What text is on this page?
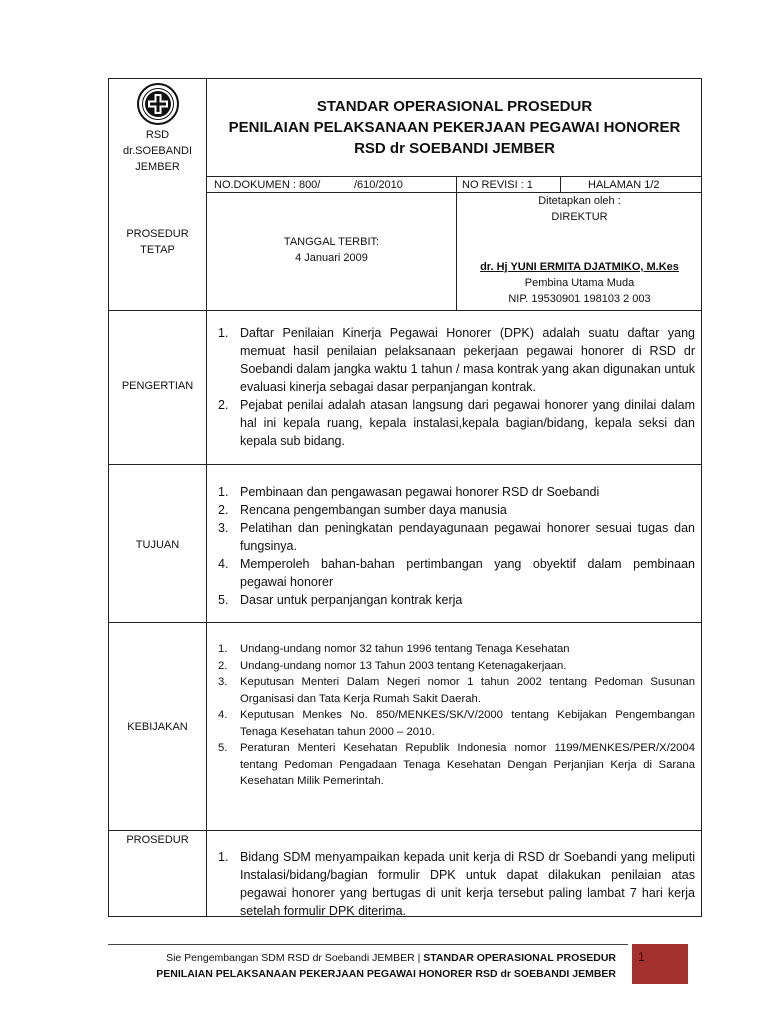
RSD
dr.SOEBANDI
JEMBER
STANDAR OPERASIONAL PROSEDUR
PENILAIAN PELAKSANAAN PEKERJAAN PEGAWAI HONORER
RSD dr SOEBANDI JEMBER
NO.DOKUMEN : 800/           /610/2010	NO REVISI : 1	HALAMAN 1/2
PROSEDUR
TETAP
TANGGAL TERBIT:
4 Januari 2009
Ditetapkan oleh :
DIREKTUR
dr. Hj YUNI ERMITA DJATMIKO, M.Kes
Pembina Utama Muda
NIP. 19530901 198103 2 003
PENGERTIAN
1. Daftar Penilaian Kinerja Pegawai Honorer (DPK) adalah suatu daftar yang memuat hasil penilaian pelaksanaan pekerjaan pegawai honorer di RSD dr Soebandi dalam jangka waktu 1 tahun / masa kontrak yang akan digunakan untuk evaluasi kinerja sebagai dasar perpanjangan kontrak.
2. Pejabat penilai adalah atasan langsung dari pegawai honorer yang dinilai dalam hal ini kepala ruang, kepala instalasi,kepala bagian/bidang, kepala seksi dan kepala sub bidang.
TUJUAN
1. Pembinaan dan pengawasan pegawai honorer RSD dr Soebandi
2. Rencana pengembangan sumber daya manusia
3. Pelatihan dan peningkatan pendayagunaan pegawai honorer sesuai tugas dan fungsinya.
4. Memperoleh bahan-bahan pertimbangan yang obyektif dalam pembinaan pegawai honorer
5. Dasar untuk perpanjangan kontrak kerja
KEBIJAKAN
1. Undang-undang nomor 32 tahun 1996 tentang Tenaga Kesehatan
2. Undang-undang nomor 13 Tahun 2003 tentang Ketenagakerjaan.
3. Keputusan Menteri Dalam Negeri nomor 1 tahun 2002 tentang Pedoman Susunan Organisasi dan Tata Kerja Rumah Sakit Daerah.
4. Keputusan Menkes No. 850/MENKES/SK/V/2000 tentang Kebijakan Pengembangan Tenaga Kesehatan tahun 2000 – 2010.
5. Peraturan Menteri Kesehatan Republik Indonesia nomor 1199/MENKES/PER/X/2004 tentang Pedoman Pengadaan Tenaga Kesehatan Dengan Perjanjian Kerja di Sarana Kesehatan Milik Pemerintah.
PROSEDUR
1. Bidang SDM menyampaikan kepada unit kerja di RSD dr Soebandi yang meliputi Instalasi/bidang/bagian formulir DPK untuk dapat dilakukan penilaian atas pegawai honorer yang bertugas di unit kerja tersebut paling lambat 7 hari kerja setelah formulir DPK diterima.
Sie Pengembangan SDM RSD dr Soebandi JEMBER | STANDAR OPERASIONAL PROSEDUR
PENILAIAN PELAKSANAAN PEKERJAAN PEGAWAI HONORER RSD dr SOEBANDI JEMBER
1
